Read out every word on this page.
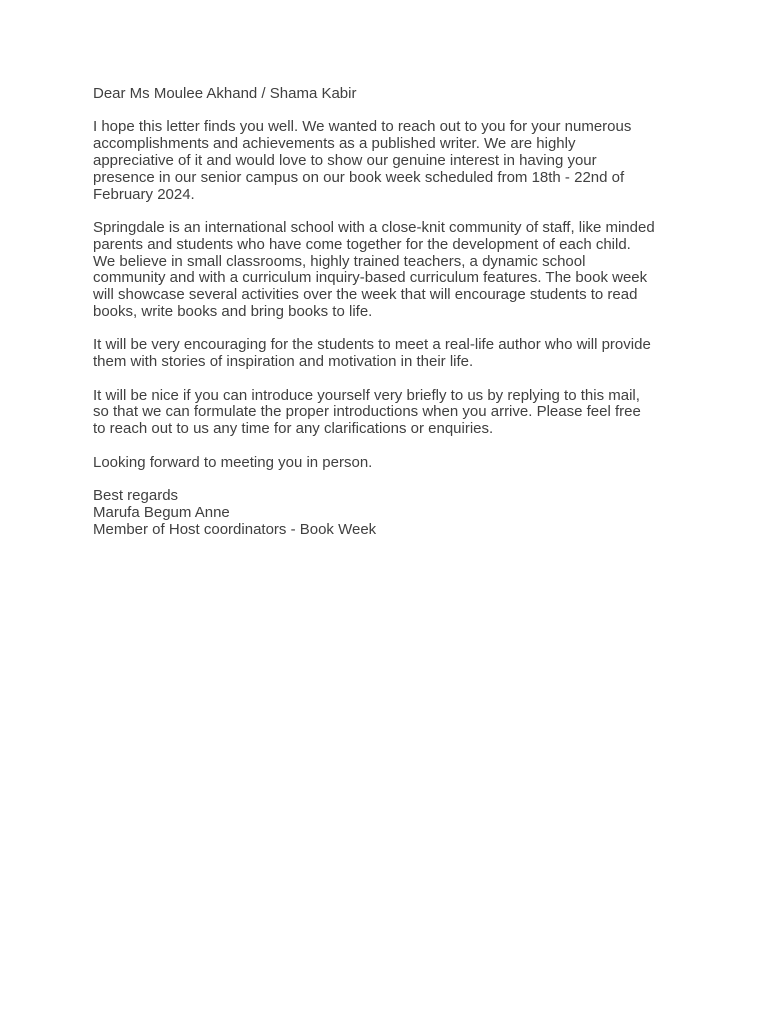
Dear Ms Moulee Akhand / Shama Kabir

I hope this letter finds you well. We wanted to reach out to you for your numerous
accomplishments and achievements as a published writer. We are highly
appreciative of it and would love to show our genuine interest in having your
presence in our senior campus on our book week scheduled from 18th - 22nd of
February 2024.

Springdale is an international school with a close-knit community of staff, like minded
parents and students who have come together for the development of each child.
We believe in small classrooms, highly trained teachers, a dynamic school
community and with a curriculum inquiry-based curriculum features. The book week
will showcase several activities over the week that will encourage students to read
books, write books and bring books to life.

It will be very encouraging for the students to meet a real-life author who will provide
them with stories of inspiration and motivation in their life.

It will be nice if you can introduce yourself very briefly to us by replying to this mail,
so that we can formulate the proper introductions when you arrive. Please feel free
to reach out to us any time for any clarifications or enquiries.

Looking forward to meeting you in person.

Best regards
Marufa Begum Anne
Member of Host coordinators - Book Week
